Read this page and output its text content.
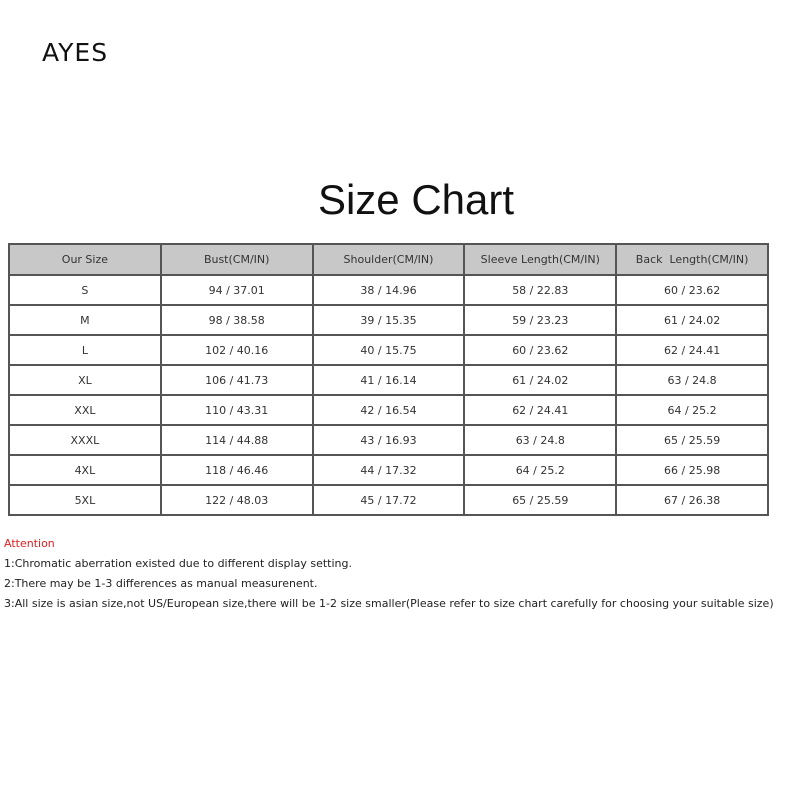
AYES
Size Chart
Our Size	Bust(CM/IN)	Shoulder(CM/IN)	Sleeve Length(CM/IN)	Back  Length(CM/IN)
S	94 / 37.01	38 / 14.96	58 / 22.83	60 / 23.62
M	98 / 38.58	39 / 15.35	59 / 23.23	61 / 24.02
L	102 / 40.16	40 / 15.75	60 / 23.62	62 / 24.41
XL	106 / 41.73	41 / 16.14	61 / 24.02	63 / 24.8
XXL	110 / 43.31	42 / 16.54	62 / 24.41	64 / 25.2
XXXL	114 / 44.88	43 / 16.93	63 / 24.8	65 / 25.59
4XL	118 / 46.46	44 / 17.32	64 / 25.2	66 / 25.98
5XL	122 / 48.03	45 / 17.72	65 / 25.59	67 / 26.38
Attention
1:Chromatic aberration existed due to different display setting.
2:There may be 1-3 differences as manual measurenent.
3:All size is asian size,not US/European size,there will be 1-2 size smaller(Please refer to size chart carefully for choosing your suitable size)
